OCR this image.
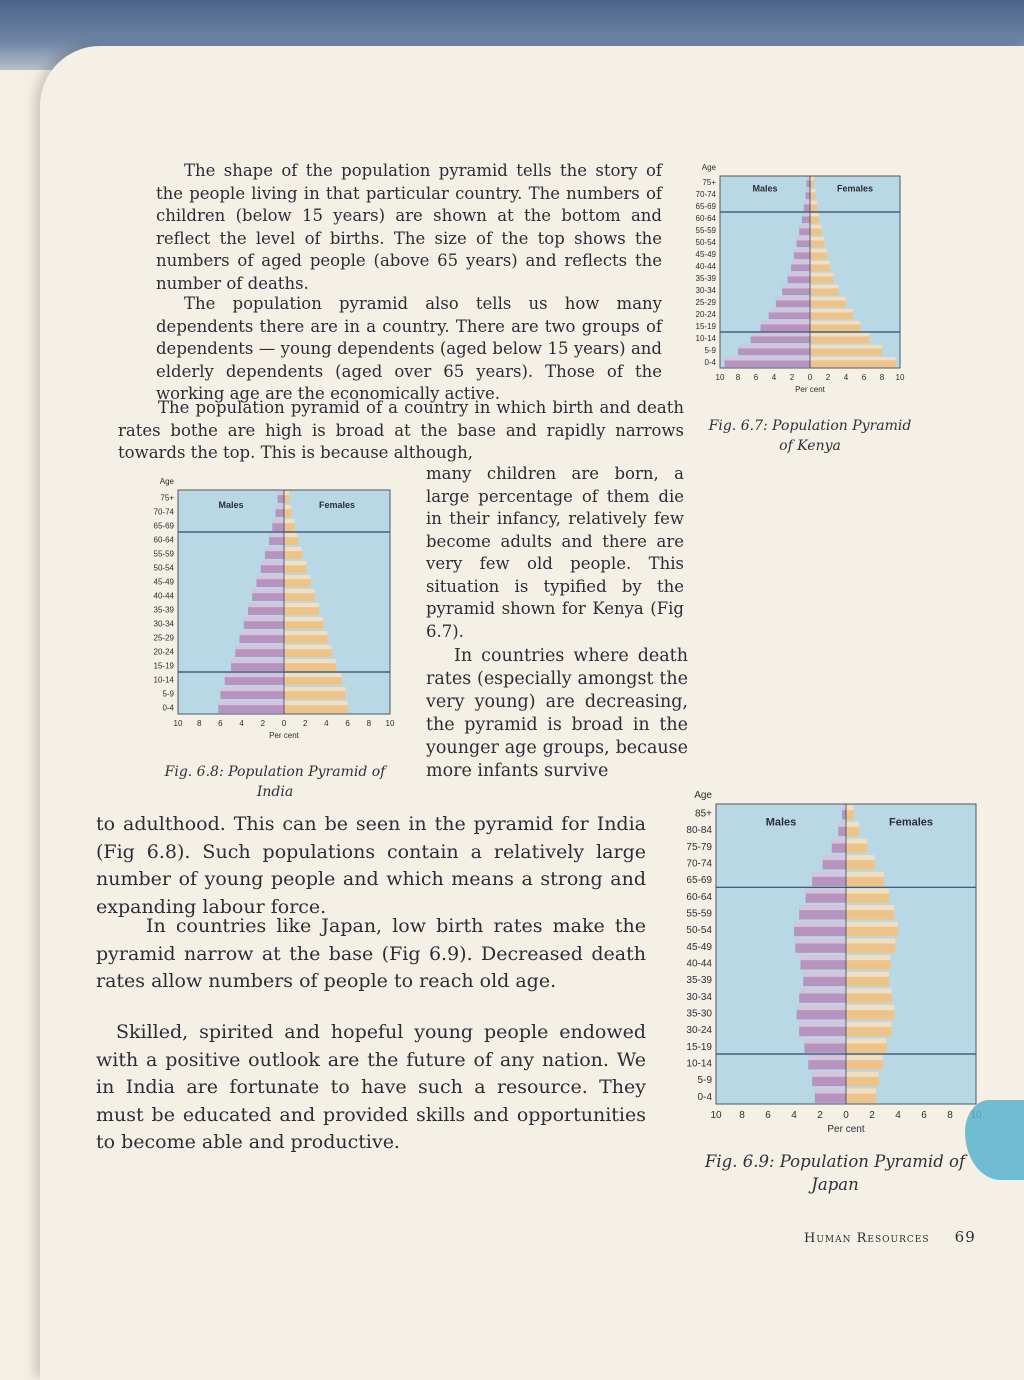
The shape of the population pyramid tells the story of the people living in that particular country. The numbers of children (below 15 years) are shown at the bottom and reflect the level of births. The size of the top shows the numbers of aged people (above 65 years) and reflects the number of deaths.

The population pyramid also tells us how many dependents there are in a country. There are two groups of dependents — young dependents (aged below 15 years) and elderly dependents (aged over 65 years). Those of the working age are the economically active.

The population pyramid of a country in which birth and death rates bothe are high is broad at the base and rapidly narrows towards the top. This is because although,

many children are born, a large percentage of them die in their infancy, relatively few become adults and there are very few old people. This situation is typified by the pyramid shown for Kenya (Fig 6.7).

In countries where death rates (especially amongst the very young) are decreasing, the pyramid is broad in the younger age groups, because more infants survive

to adulthood. This can be seen in the pyramid for India (Fig 6.8). Such populations contain a relatively large number of young people and which means a strong and expanding labour force.

In countries like Japan, low birth rates make the pyramid narrow at the base (Fig 6.9). Decreased death rates allow numbers of people to reach old age.

Skilled, spirited and hopeful young people endowed with a positive outlook are the future of any nation. We in India are fortunate to have such a resource. They must be educated and provided skills and opportunities to become able and productive.

Age
0-4
5-9
10-14
15-19
20-24
25-29
30-34
35-39
40-44
45-49
50-54
55-59
60-64
65-69
70-74
75+
Males	Females
10 8 6 4 2 0 2 4 6 8 10
Per cent
Age
0-4
5-9
10-14
15-19
20-24
25-29
30-34
35-39
40-44
45-49
50-54
55-59
60-64
65-69
70-74
75+
Males	Females
10 8 6 4 2 0 2 4 6 8 10
Per cent
Age
0-4
5-9
10-14
15-19
30-24
35-30
30-34
35-39
40-44
45-49
50-54
55-59
60-64
65-69
70-74
75-79
80-84
85+
Males	Females
10 8 6 4 2 0 2 4 6 8
Per cent

Fig. 6.7: Population Pyramid of Kenya

Fig. 6.8: Population Pyramid of India

Fig. 6.9: Population Pyramid of Japan

Human Resources 69
